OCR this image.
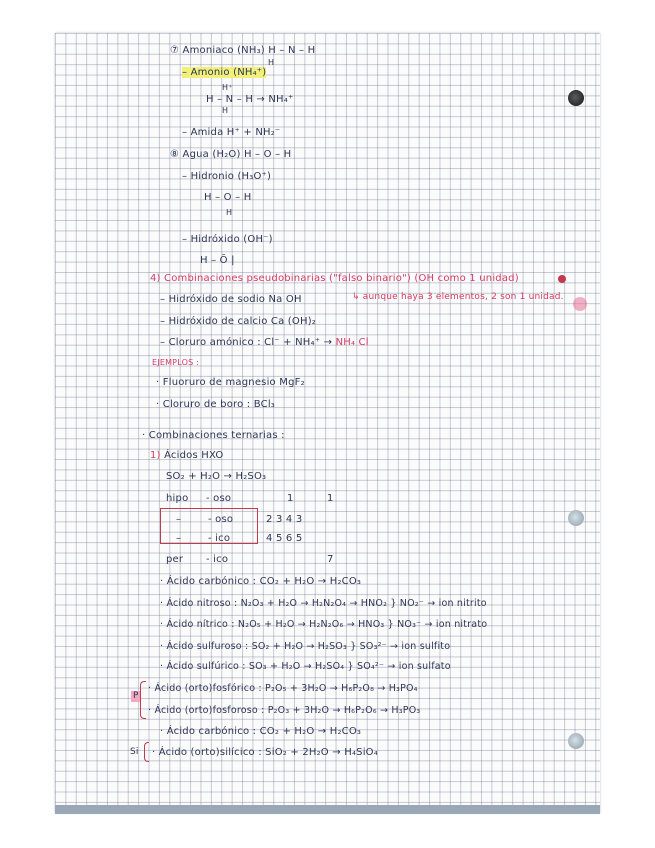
⑦ Amoniaco (NH₃) H – N – H
H
– Amonio (NH₄⁺)
H⁺
H – N – H → NH₄⁺
H
– Amida H⁺ + NH₂⁻
⑧ Agua (H₂O) H – O – H
– Hidronio (H₃O⁺)
H – O – H
H
– Hidróxido (OH⁻)
H – Ō |
4) Combinaciones pseudobinarias ("falso binario") (OH como 1 unidad)
– Hidróxido de sodio Na OH	↳ aunque haya 3 elementos, 2 son 1 unidad.
– Hidróxido de calcio Ca (OH)₂
– Cloruro amónico : Cl⁻ + NH₄⁺ → NH₄ Cl
EJEMPLOS :
· Fluoruro de magnesio MgF₂
· Cloruro de boro : BCl₃
· Combinaciones ternarias :
1) Ácidos HXO
SO₂ + H₂O → H₂SO₃
hipo - oso	1	1
–	- oso	2 3 4 3
–	- ico	4 5 6 5
per - ico	7
· Ácido carbónico : CO₂ + H₂O → H₂CO₃
· Ácido nitroso : N₂O₃ + H₂O → H₂N₂O₄ → HNO₂ } NO₂⁻ → ion nitrito
· Ácido nítrico : N₂O₅ + H₂O → H₂N₂O₆ → HNO₃ } NO₃⁻ → ion nitrato
· Ácido sulfuroso : SO₂ + H₂O → H₂SO₃ } SO₃²⁻ → ion sulfito
· Ácido sulfúrico : SO₃ + H₂O → H₂SO₄ } SO₄²⁻ → ion sulfato
P
· Ácido (orto)fosfórico : P₂O₅ + 3H₂O → H₆P₂O₈ → H₃PO₄
· Ácido (orto)fosforoso : P₂O₃ + 3H₂O → H₆P₂O₆ → H₃PO₃
· Ácido carbónico : CO₂ + H₂O → H₂CO₃
Si · Ácido (orto)silícico : SiO₂ + 2H₂O → H₄SiO₄
